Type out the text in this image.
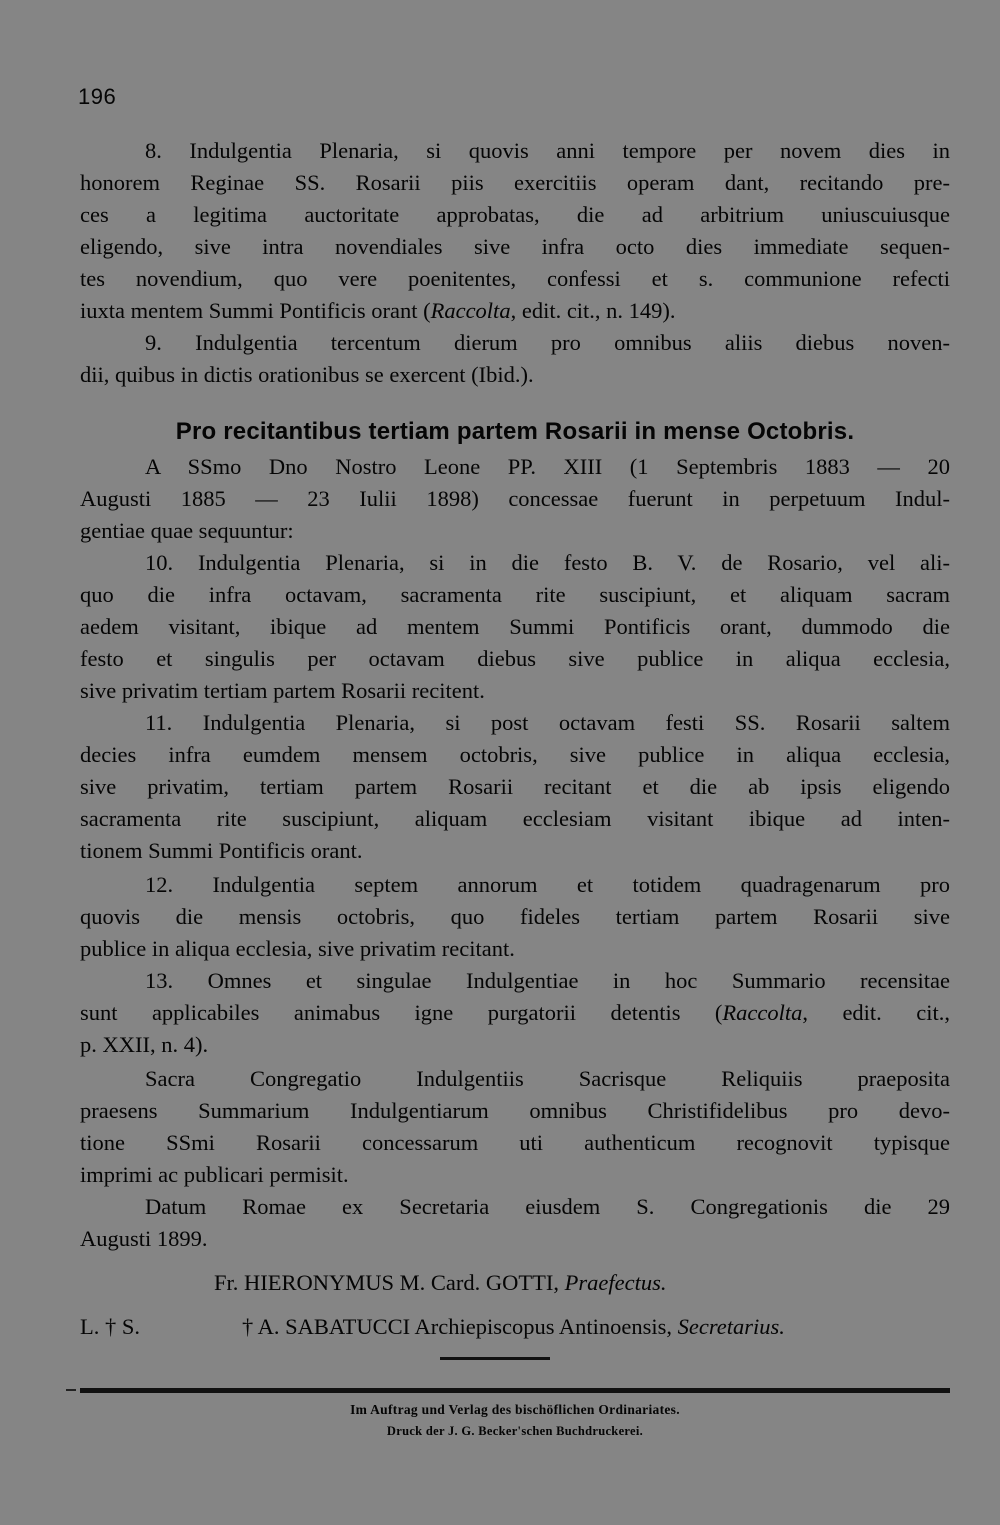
196
8. Indulgentia Plenaria, si quovis anni tempore per novem dies in
honorem Reginae SS. Rosarii piis exercitiis operam dant, recitando pre-
ces a legitima auctoritate approbatas, die ad arbitrium uniuscuiusque
eligendo, sive intra novendiales sive infra octo dies immediate sequen-
tes novendium, quo vere poenitentes, confessi et s. communione refecti
iuxta mentem Summi Pontificis orant (Raccolta, edit. cit., n. 149).
9. Indulgentia tercentum dierum pro omnibus aliis diebus noven-
dii, quibus in dictis orationibus se exercent (Ibid.).
A SSmo Dno Nostro Leone PP. XIII (1 Septembris 1883 — 20
Augusti 1885 — 23 Iulii 1898) concessae fuerunt in perpetuum Indul-
gentiae quae sequuntur:
10. Indulgentia Plenaria, si in die festo B. V. de Rosario, vel ali-
quo die infra octavam, sacramenta rite suscipiunt, et aliquam sacram
aedem visitant, ibique ad mentem Summi Pontificis orant, dummodo die
festo et singulis per octavam diebus sive publice in aliqua ecclesia,
sive privatim tertiam partem Rosarii recitent.
11. Indulgentia Plenaria, si post octavam festi SS. Rosarii saltem
decies infra eumdem mensem octobris, sive publice in aliqua ecclesia,
sive privatim, tertiam partem Rosarii recitant et die ab ipsis eligendo
sacramenta rite suscipiunt, aliquam ecclesiam visitant ibique ad inten-
tionem Summi Pontificis orant.
12. Indulgentia septem annorum et totidem quadragenarum pro
quovis die mensis octobris, quo fideles tertiam partem Rosarii sive
publice in aliqua ecclesia, sive privatim recitant.
13. Omnes et singulae Indulgentiae in hoc Summario recensitae
sunt applicabiles animabus igne purgatorii detentis (Raccolta, edit. cit.,
p. XXII, n. 4).
Sacra Congregatio Indulgentiis Sacrisque Reliquiis praeposita
praesens Summarium Indulgentiarum omnibus Christifidelibus pro devo-
tione SSmi Rosarii concessarum uti authenticum recognovit typisque
imprimi ac publicari permisit.
Datum Romae ex Secretaria eiusdem S. Congregationis die 29
Augusti 1899.
Pro recitantibus tertiam partem Rosarii in mense Octobris.
Fr. HIERONYMUS M. Card. GOTTI, Praefectus.
L. † S.	† A. SABATUCCI Archiepiscopus Antinoensis, Secretarius.
Im Auftrag und Verlag des bischöflichen Ordinariates.
Druck der J. G. Becker'schen Buchdruckerei.
